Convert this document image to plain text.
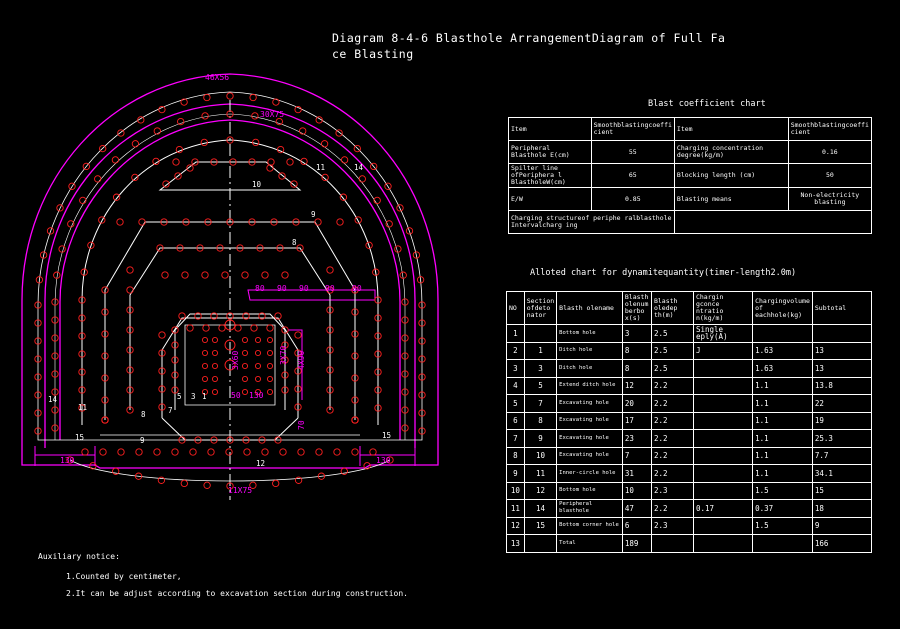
Diagram 8-4-6 Blasthole ArrangementDiagram of Full Fa
ce Blasting
46X56
30X75
11X75
130	130
80 90 90 90 90
50 130
3X60	3X70 4X90
70
10
11	14
9
8
14
11
8	7
5 3 1
15	9
12
15
Blast coefficient chart
Item	Smoothblastingcoeffi cient	Item	Smoothblastingcoeffi cient
Peripheral Blasthole E(cm)	55	Charging concentration degree(kg/m)	0.16
Spilter line ofPeriphera l BlastholeW(cm)	65	Blocking length (cm)	50
E/W	0.85	Blasting means	Non-electricity blasting
Charging structureof periphe ralblasthole Intervalcharg ing			
Alloted chart for dynamitequantity(timer-length2.0m)
NO	Section ofdeto nator	Blasth olename	Blasth olenum berbo x(s)	Blasth oledep th(m)	Chargin gconce ntratio n(kg/m)	Chargingvolume of eachhole(kg)	Subtotal
1		Bottom hole	3	2.5	Single eply(A)		
2	1	Ditch hole	8	2.5	J	1.63	13
3	3	Ditch hole	8	2.5		1.63	13
4	5	Extend ditch hole	12	2.2		1.1	13.8
5	7	Excavating hole	20	2.2		1.1	22
6	8	Excavating hole	17	2.2		1.1	19
7	9	Excavating hole	23	2.2		1.1	25.3
8	10	Excavating hole	7	2.2		1.1	7.7
9	11	Inner-circle hole	31	2.2		1.1	34.1
10	12	Bottom hole	10	2.3		1.5	15
11	14	Peripheral blasthole	47	2.2	0.17	0.37	18
12	15	Bottom corner hole	6	2.3		1.5	9
13		Total	189				166
Auxiliary notice:
1.Counted by centimeter,
2.It can be adjust according to excavation section during construction.
